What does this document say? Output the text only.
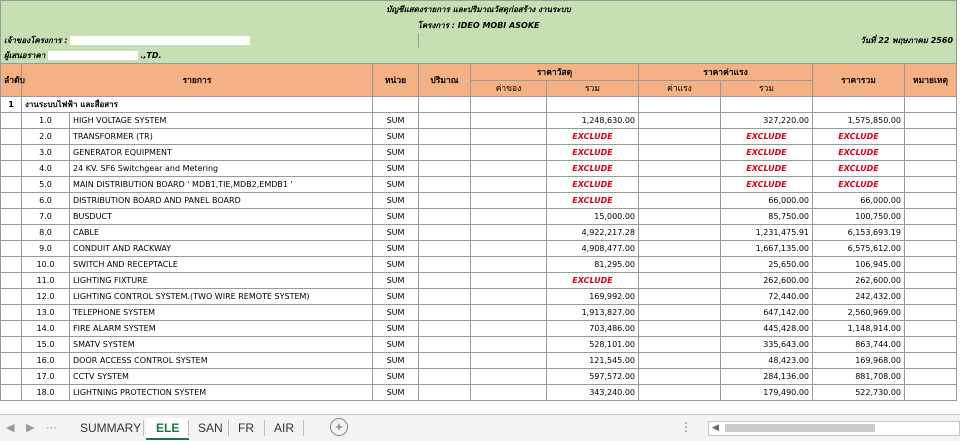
บัญชีแสดงรายการ และปริมาณวัสดุก่อสร้าง งานระบบ										
โครงการ : IDEO MOBI ASOKE										
เจ้าของโครงการ :				วันที่ 22 พฤษภาคม 2560						
ผู้เสนอราคา .,TD.										
ลำดับ	รายการ		หน่วย	ปริมาณ	ราคาวัสดุ		ราคาค่าแรง		ราคารวม	หมายเหตุ
					ค่าของ	รวม	ค่าแรง	รวม		
1	งานระบบไฟฟ้า และสื่อสาร									
	1.0	HIGH VOLTAGE SYSTEM	SUM			1,248,630.00		327,220.00	1,575,850.00	
	2.0	TRANSFORMER (TR)	SUM			EXCLUDE		EXCLUDE	EXCLUDE	
	3.0	GENERATOR EQUIPMENT	SUM			EXCLUDE		EXCLUDE	EXCLUDE	
	4.0	24 KV. SF6 Switchgear and Metering	SUM			EXCLUDE		EXCLUDE	EXCLUDE	
	5.0	MAIN DISTRIBUTION BOARD ' MDB1,TIE,MDB2,EMDB1 '	SUM			EXCLUDE		EXCLUDE	EXCLUDE	
	6.0	DISTRIBUTION BOARD AND PANEL BOARD	SUM			EXCLUDE		66,000.00	66,000.00	
	7.0	BUSDUCT	SUM			15,000.00		85,750.00	100,750.00	
	8.0	CABLE	SUM			4,922,217.28		1,231,475.91	6,153,693.19	
	9.0	CONDUIT AND RACKWAY	SUM			4,908,477.00		1,667,135.00	6,575,612.00	
	10.0	SWITCH AND RECEPTACLE	SUM			81,295.00		25,650.00	106,945.00	
	11.0	LIGHTING FIXTURE	SUM			EXCLUDE		262,600.00	262,600.00	
	12.0	LIGHTING CONTROL SYSTEM.(TWO WIRE REMOTE SYSTEM)	SUM			169,992.00		72,440.00	242,432.00	
	13.0	TELEPHONE SYSTEM	SUM			1,913,827.00		647,142.00	2,560,969.00	
	14.0	FIRE ALARM SYSTEM	SUM			703,486.00		445,428.00	1,148,914.00	
	15.0	SMATV SYSTEM	SUM			528,101.00		335,643.00	863,744.00	
	16.0	DOOR ACCESS CONTROL SYSTEM	SUM			121,545.00		48,423.00	169,968.00	
	17.0	CCTV SYSTEM	SUM			597,572.00		284,136.00	881,708.00	
	18.0	LIGHTNING PROTECTION SYSTEM	SUM			343,240.00		179,490.00	522,730.00	
◀ ▶ ⋯	SUMMARY	ELE	SAN	FR	AIR	+	⋮ ◀
